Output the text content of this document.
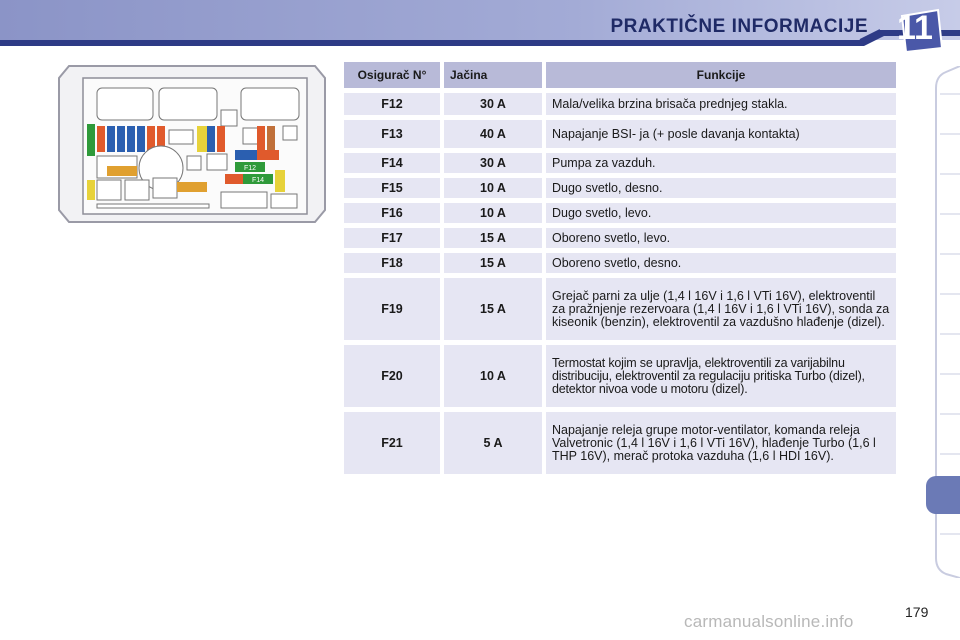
PRAKTIČNE INFORMACIJE 11
F12
F14
Osigurač N°	Jačina	Funkcije
F12	30 A	Mala/velika brzina brisača prednjeg stakla.
F13	40 A	Napajanje BSI- ja (+ posle davanja kontakta)
F14	30 A	Pumpa za vazduh.
F15	10 A	Dugo svetlo, desno.
F16	10 A	Dugo svetlo, levo.
F17	15 A	Oboreno svetlo, levo.
F18	15 A	Oboreno svetlo, desno.
F19	15 A	Grejač parni za ulje (1,4 l 16V i 1,6 l VTi 16V), elektroventil za pražnjenje rezervoara (1,4 l 16V i 1,6 l VTi 16V), sonda za kiseonik (benzin), elektroventil za vazdušno hlađenje (dizel).
F20	10 A	Termostat kojim se upravlja, elektroventili za varijabilnu distribuciju, elektroventil za regulaciju pritiska Turbo (dizel), detektor nivoa vode u motoru (dizel).
F21	5 A	Napajanje releja grupe motor-ventilator, komanda releja Valvetronic (1,4 l 16V i 1,6 l VTi 16V), hlađenje Turbo (1,6 l THP 16V), merač protoka vazduha (1,6 l HDI 16V).
179
carmanualsonline.info
